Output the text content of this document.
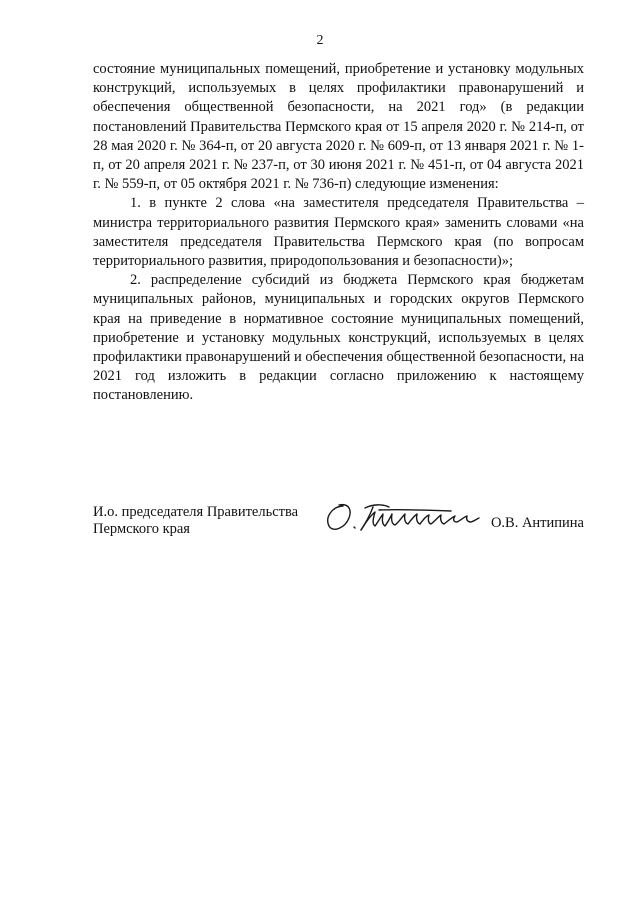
2

состояние муниципальных помещений, приобретение и установку модульных конструкций, используемых в целях профилактики правонарушений и обеспечения общественной безопасности, на 2021 год» (в редакции постановлений Правительства Пермского края от 15 апреля 2020 г. № 214-п, от 28 мая 2020 г. № 364-п, от 20 августа 2020 г. № 609-п, от 13 января 2021 г. № 1-п, от 20 апреля 2021 г. № 237-п, от 30 июня 2021 г. № 451-п, от 04 августа 2021 г. № 559-п, от 05 октября 2021 г. № 736-п) следующие изменения:

1. в пункте 2 слова «на заместителя председателя Правительства – министра территориального развития Пермского края» заменить словами «на заместителя председателя Правительства Пермского края (по вопросам территориального развития, природопользования и безопасности)»;

2. распределение субсидий из бюджета Пермского края бюджетам муниципальных районов, муниципальных и городских округов Пермского края на приведение в нормативное состояние муниципальных помещений, приобретение и установку модульных конструкций, используемых в целях профилактики правонарушений и обеспечения общественной безопасности, на 2021 год изложить в редакции согласно приложению к настоящему постановлению.

И.о. председателя Правительства
Пермского края	О.В. Антипина
